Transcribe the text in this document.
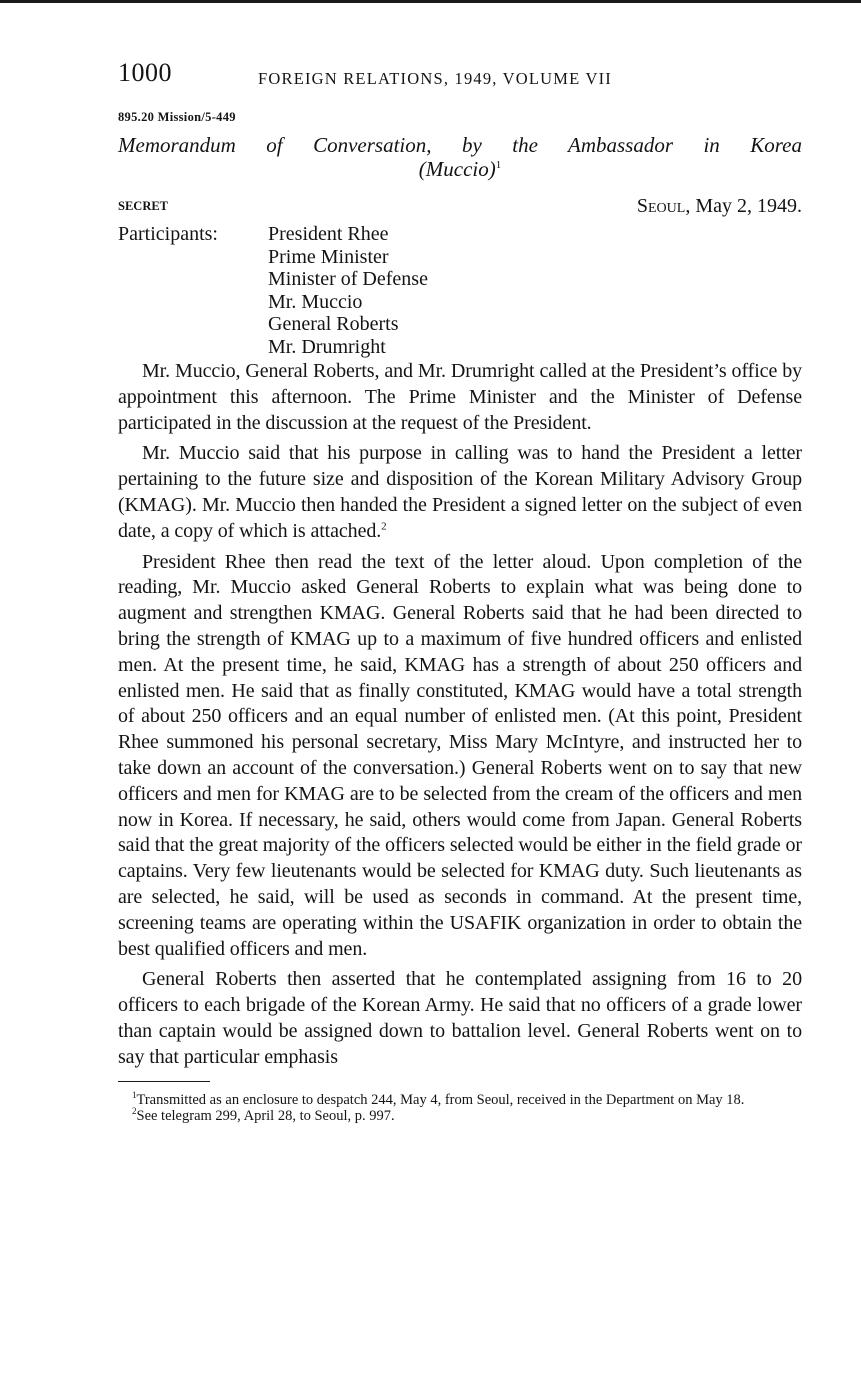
1000	FOREIGN RELATIONS, 1949, VOLUME VII
895.20 Mission/5-449
Memorandum of Conversation, by the Ambassador in Korea
(Muccio)$^1$
SECRET	Seoul, May 2, 1949.
Participants:	President Rhee
Prime Minister
Minister of Defense
Mr. Muccio
General Roberts
Mr. Drumright

Mr. Muccio, General Roberts, and Mr. Drumright called at the President’s office by appointment this afternoon. The Prime Minister and the Minister of Defense participated in the discussion at the request of the President.

Mr. Muccio said that his purpose in calling was to hand the President a letter pertaining to the future size and disposition of the Korean Military Advisory Group (KMAG). Mr. Muccio then handed the President a signed letter on the subject of even date, a copy of which is attached.$^2$

President Rhee then read the text of the letter aloud. Upon completion of the reading, Mr. Muccio asked General Roberts to explain what was being done to augment and strengthen KMAG. General Roberts said that he had been directed to bring the strength of KMAG up to a maximum of five hundred officers and enlisted men. At the present time, he said, KMAG has a strength of about 250 officers and enlisted men. He said that as finally constituted, KMAG would have a total strength of about 250 officers and an equal number of enlisted men. (At this point, President Rhee summoned his personal secretary, Miss Mary McIntyre, and instructed her to take down an account of the conversation.) General Roberts went on to say that new officers and men for KMAG are to be selected from the cream of the officers and men now in Korea. If necessary, he said, others would come from Japan. General Roberts said that the great majority of the officers selected would be either in the field grade or captains. Very few lieutenants would be selected for KMAG duty. Such lieutenants as are selected, he said, will be used as seconds in command. At the present time, screening teams are operating within the USAFIK organization in order to obtain the best qualified officers and men.

General Roberts then asserted that he contemplated assigning from 16 to 20 officers to each brigade of the Korean Army. He said that no officers of a grade lower than captain would be assigned down to battalion level. General Roberts went on to say that particular emphasis

$^1$Transmitted as an enclosure to despatch 244, May 4, from Seoul, received in the Department on May 18.

$^2$See telegram 299, April 28, to Seoul, p. 997.
